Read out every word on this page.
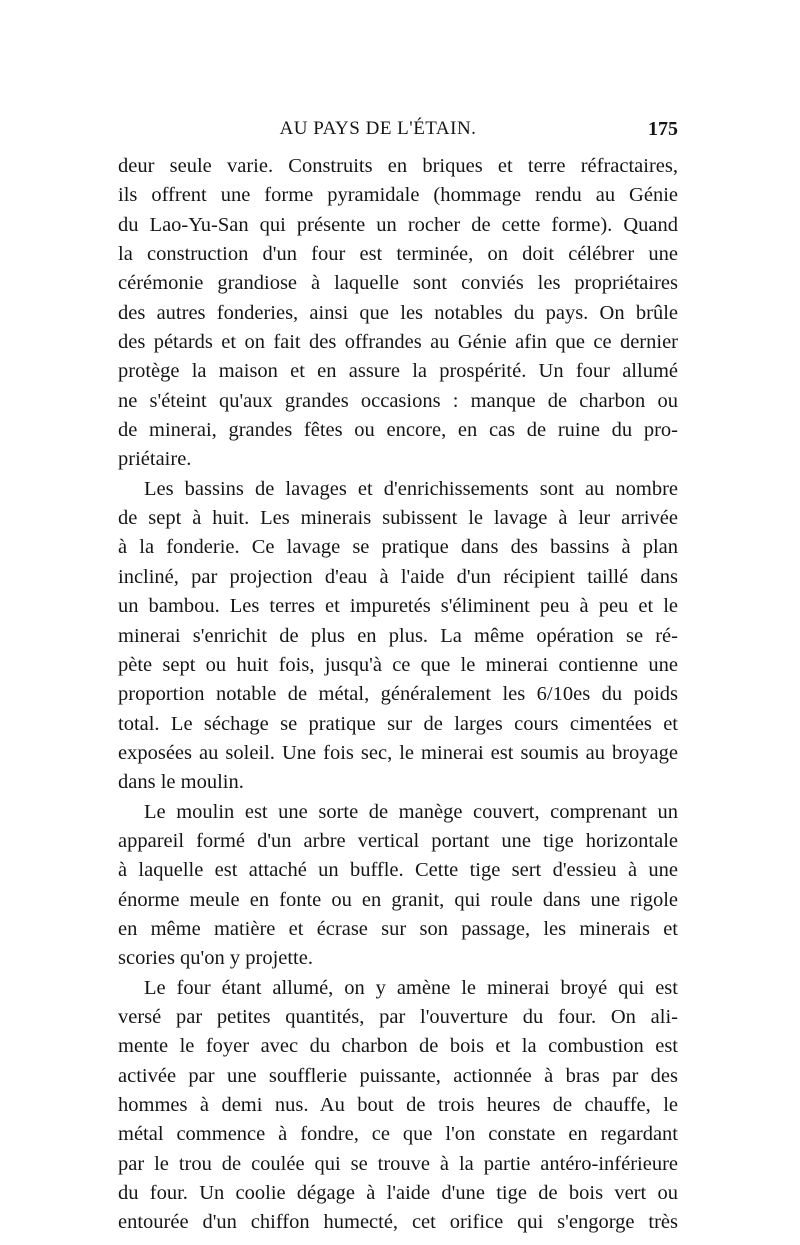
AU PAYS DE L'ÉTAIN.	175
deur seule varie. Construits en briques et terre réfractaires,
ils offrent une forme pyramidale (hommage rendu au Génie
du Lao-Yu-San qui présente un rocher de cette forme). Quand
la construction d'un four est terminée, on doit célébrer une
cérémonie grandiose à laquelle sont conviés les propriétaires
des autres fonderies, ainsi que les notables du pays. On brûle
des pétards et on fait des offrandes au Génie afin que ce dernier
protège la maison et en assure la prospérité. Un four allumé
ne s'éteint qu'aux grandes occasions : manque de charbon ou
de minerai, grandes fêtes ou encore, en cas de ruine du pro-
priétaire.
Les bassins de lavages et d'enrichissements sont au nombre
de sept à huit. Les minerais subissent le lavage à leur arrivée
à la fonderie. Ce lavage se pratique dans des bassins à plan
incliné, par projection d'eau à l'aide d'un récipient taillé dans
un bambou. Les terres et impuretés s'éliminent peu à peu et le
minerai s'enrichit de plus en plus. La même opération se ré-
pète sept ou huit fois, jusqu'à ce que le minerai contienne une
proportion notable de métal, généralement les 6/10es du poids
total. Le séchage se pratique sur de larges cours cimentées et
exposées au soleil. Une fois sec, le minerai est soumis au broyage
dans le moulin.
Le moulin est une sorte de manège couvert, comprenant un
appareil formé d'un arbre vertical portant une tige horizontale
à laquelle est attaché un buffle. Cette tige sert d'essieu à une
énorme meule en fonte ou en granit, qui roule dans une rigole
en même matière et écrase sur son passage, les minerais et
scories qu'on y projette.
Le four étant allumé, on y amène le minerai broyé qui est
versé par petites quantités, par l'ouverture du four. On ali-
mente le foyer avec du charbon de bois et la combustion est
activée par une soufflerie puissante, actionnée à bras par des
hommes à demi nus. Au bout de trois heures de chauffe, le
métal commence à fondre, ce que l'on constate en regardant
par le trou de coulée qui se trouve à la partie antéro-inférieure
du four. Un coolie dégage à l'aide d'une tige de bois vert ou
entourée d'un chiffon humecté, cet orifice qui s'engorge très
